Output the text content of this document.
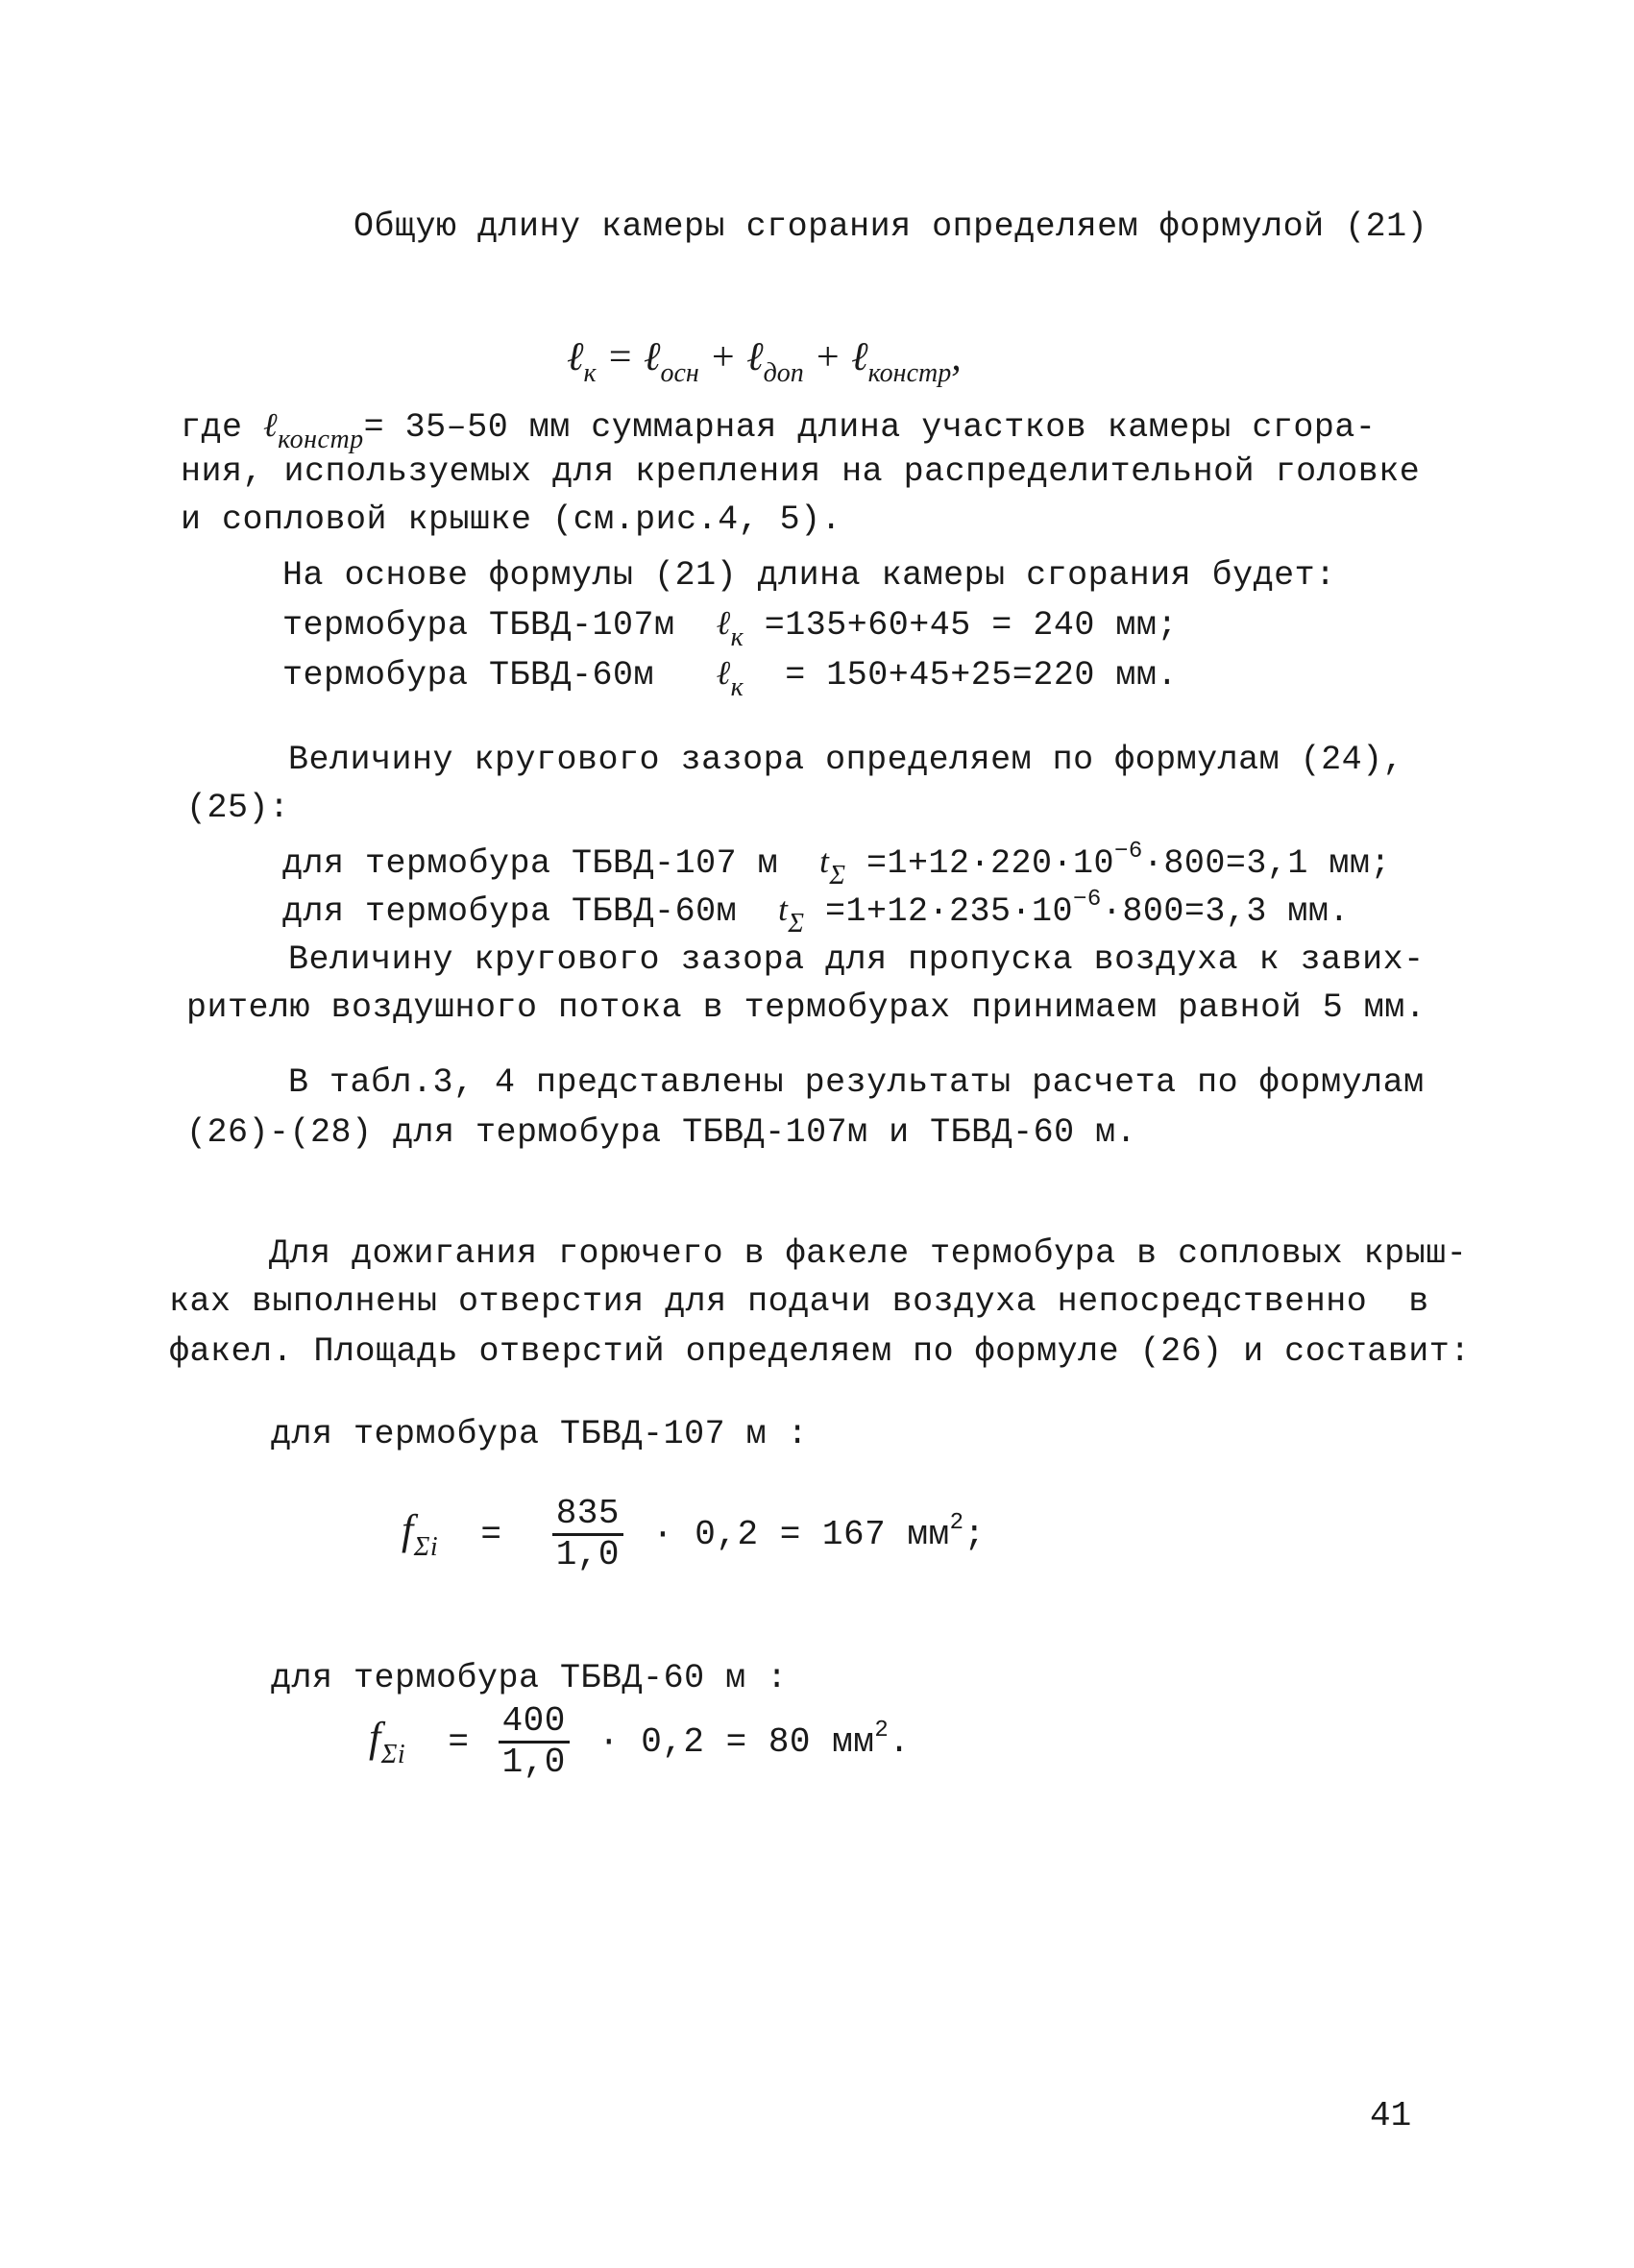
Общую длину камеры сгорания определяем формулой (21)

ℓ$_к$ = ℓ$_{осн}$ + ℓ$_{доп}$ + ℓ$_{констр}$,

где ℓ$_{констр}$= 35–50 мм суммарная длина участков камеры сгора-
ния, используемых для крепления на распределительной головке
и сопловой крышке (см.рис.4, 5).
На основе формулы (21) длина камеры сгорания будет:
термобура ТБВД-107м  ℓ$_к$ =135+60+45 = 240 мм;
термобура ТБВД-60м   ℓ$_к$  = 150+45+25=220 мм.
Величину кругового зазора определяем по формулам (24),
(25):
для термобура ТБВД-107 м  $t_\Sigma =1+12\cdot 220\cdot 10^{-6}\cdot 800=3,1$ мм;
для термобура ТБВД-60м  $t_\Sigma =1+12\cdot 235\cdot 10^{-6}\cdot 800=3,3$ мм.
Величину кругового зазора для пропуска воздуха к завих-
рителю воздушного потока в термобурах принимаем равной 5 мм.
В табл.3, 4 представлены результаты расчета по формулам
(26)-(28) для термобура ТБВД-107м и ТБВД-60 м.
Для дожигания горючего в факеле термобура в сопловых крыш-
ках выполнены отверстия для подачи воздуха непосредственно  в
факел. Площадь отверстий определяем по формуле (26) и составит:
для термобура ТБВД-107 м :
$f_{\Sigma i} = \frac{835}{1,0} \cdot 0,2 = 167$ $мм^2$;
для термобура ТБВД-60 м :
$f_{\Sigma i} = \frac{400}{1,0} \cdot 0,2 = 80$ $мм^2$.
41
